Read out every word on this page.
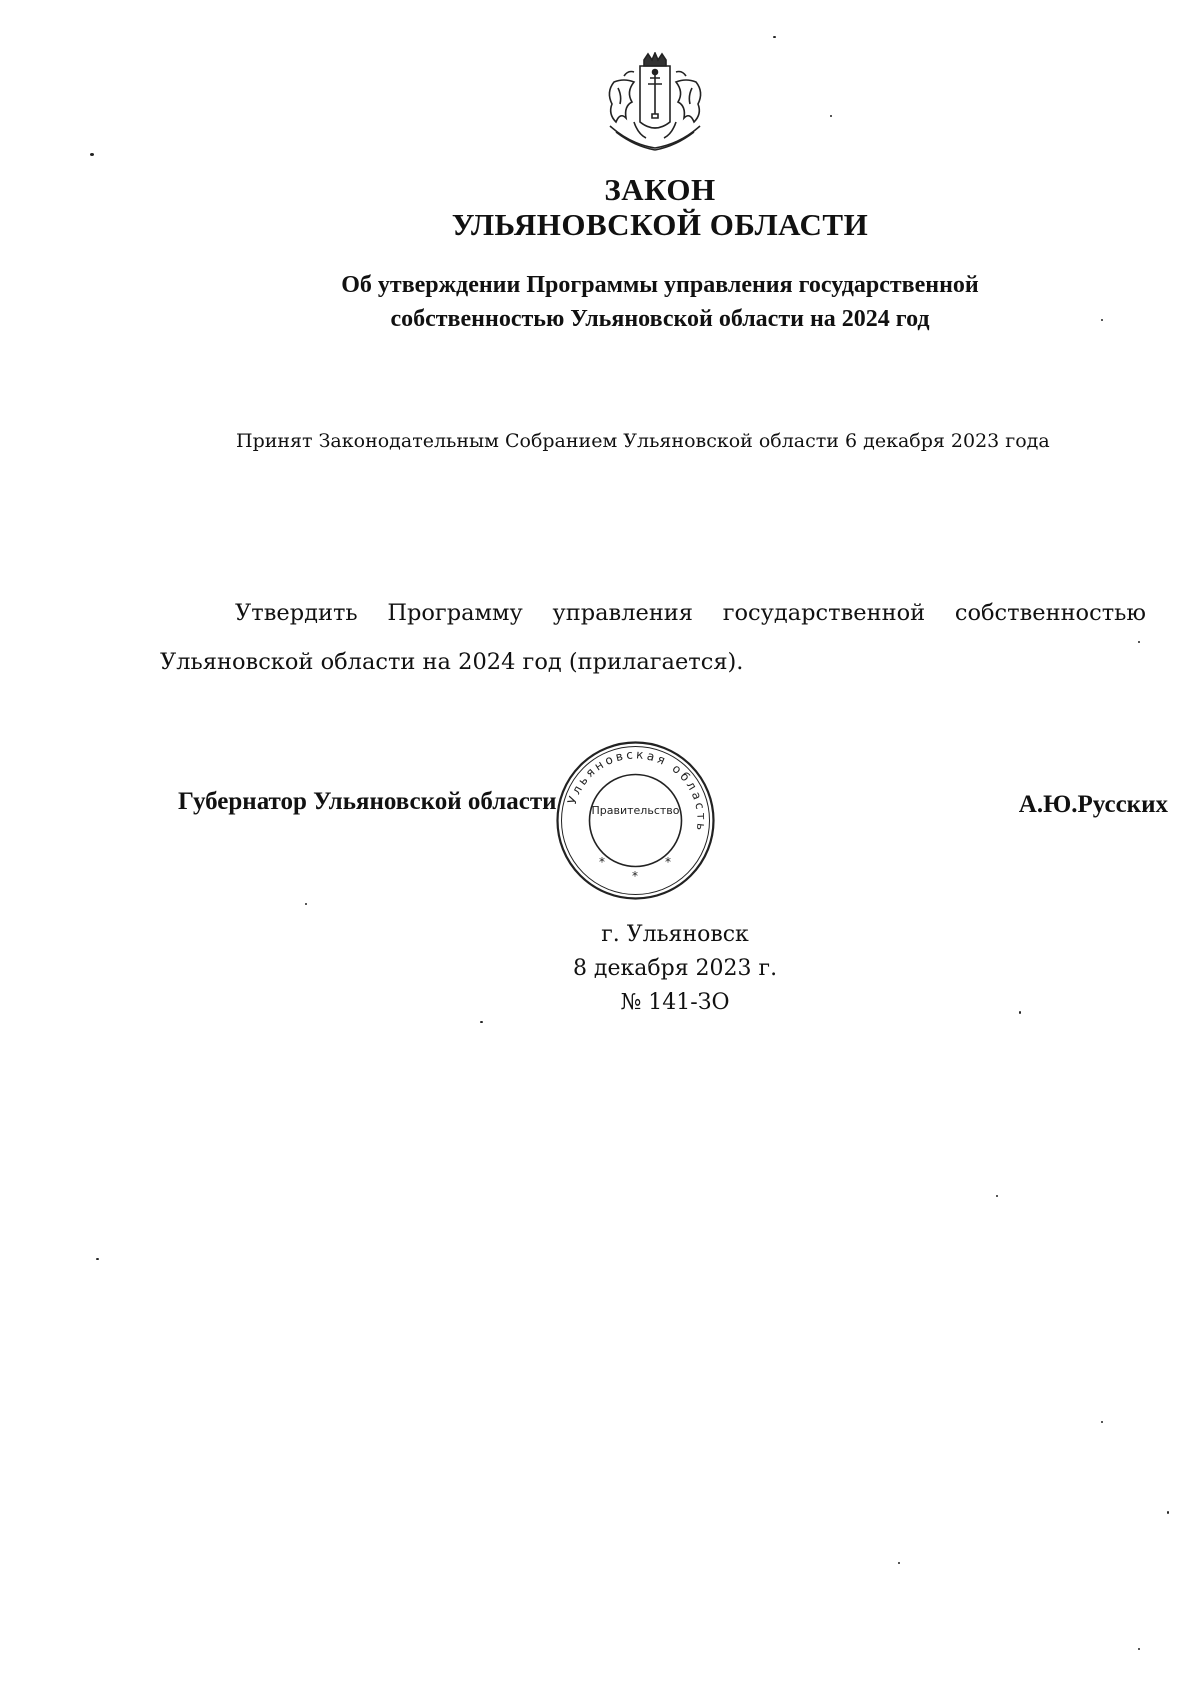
ЗАКОН
УЛЬЯНОВСКОЙ ОБЛАСТИ
Об утверждении Программы управления государственной
собственностью Ульяновской области на 2024 год
Принят Законодательным Собранием Ульяновской области 6 декабря 2023 года
Утвердить Программу управления государственной собственностью Ульяновской области на 2024 год (прилагается).
Губернатор Ульяновской области	А.Ю.Русских
Ульяновская область
Правительство
*
*
*
г. Ульяновск
8 декабря 2023 г.
№ 141-ЗО
